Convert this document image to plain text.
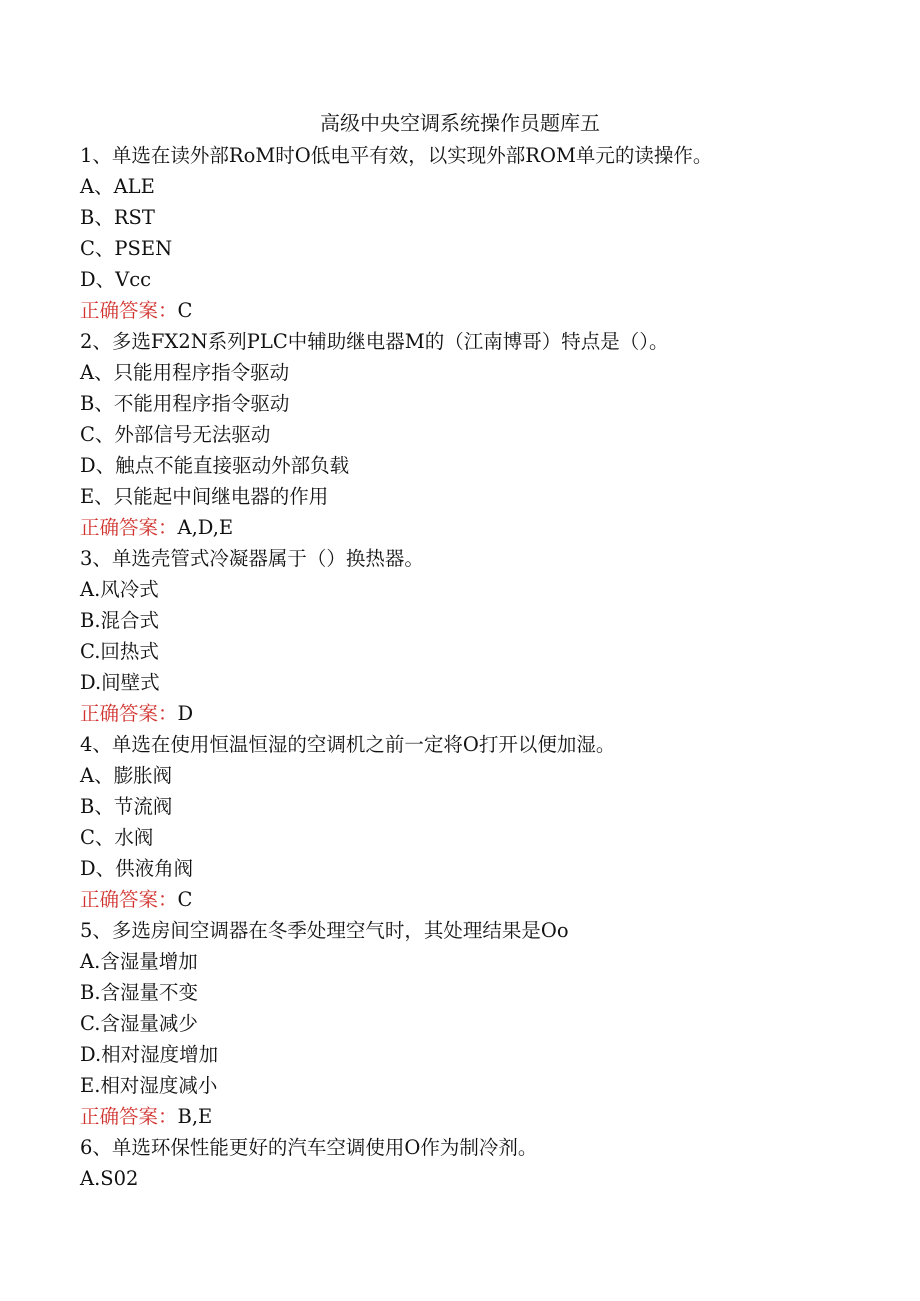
高级中央空调系统操作员题库五
1、单选在读外部RoM时O低电平有效，以实现外部ROM单元的读操作。
A、ALE
B、RST
C、PSEN
D、Vcc
正确答案：C
2、多选FX2N系列PLC中辅助继电器M的（江南博哥）特点是（）。
A、只能用程序指令驱动
B、不能用程序指令驱动
C、外部信号无法驱动
D、触点不能直接驱动外部负载
E、只能起中间继电器的作用
正确答案：A,D,E
3、单选壳管式冷凝器属于（）换热器。
A.风冷式
B.混合式
C.回热式
D.间壁式
正确答案：D
4、单选在使用恒温恒湿的空调机之前一定将O打开以便加湿。
A、膨胀阀
B、节流阀
C、水阀
D、供液角阀
正确答案：C
5、多选房间空调器在冬季处理空气时，其处理结果是Oo
A.含湿量增加
B.含湿量不变
C.含湿量减少
D.相对湿度增加
E.相对湿度减小
正确答案：B,E
6、单选环保性能更好的汽车空调使用O作为制冷剂。
A.S02
